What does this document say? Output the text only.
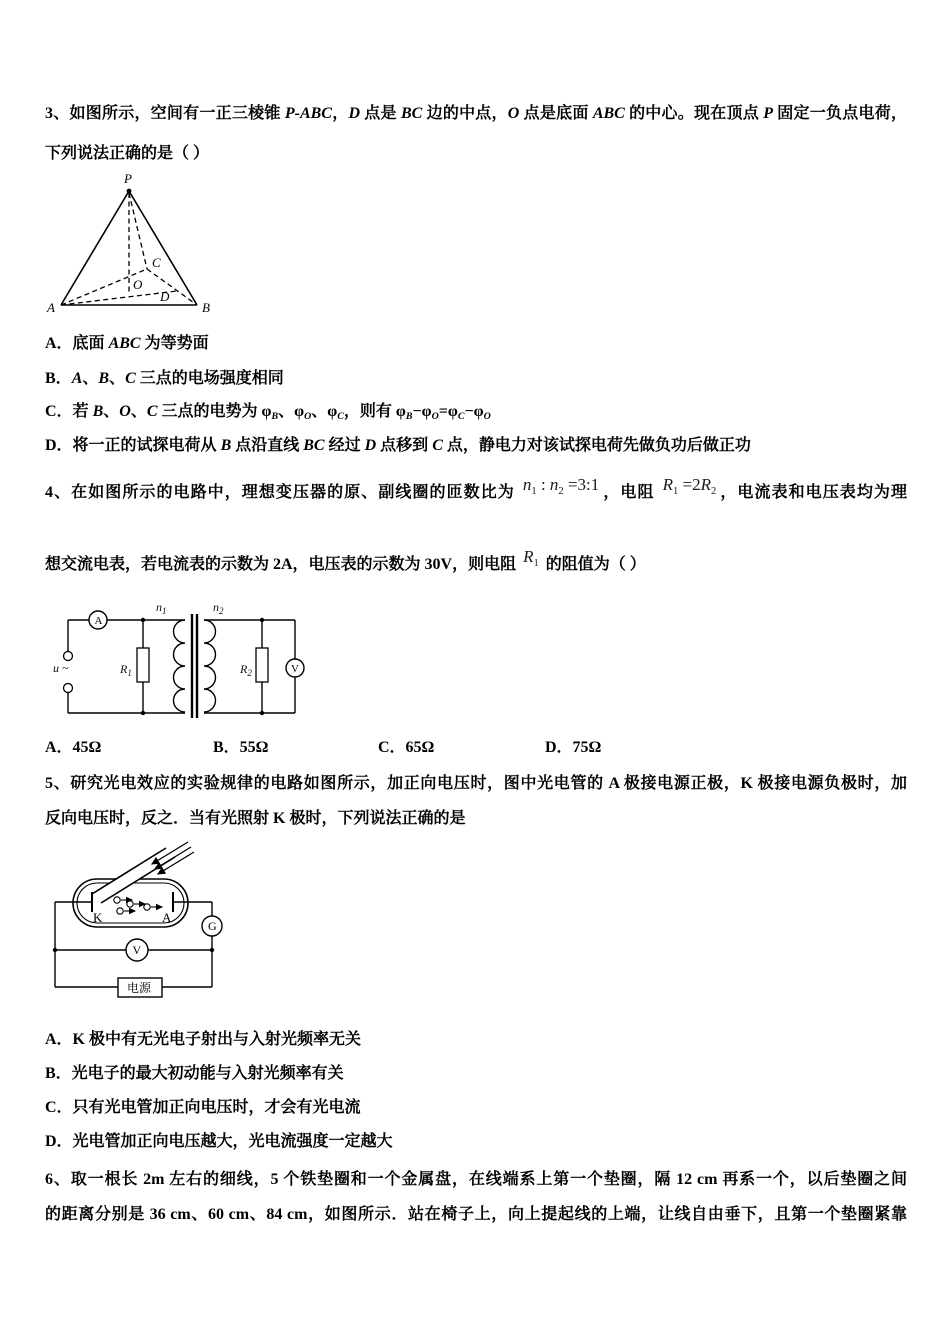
3、如图所示，空间有一正三棱锥 P-ABC，D 点是 BC 边的中点，O 点是底面 ABC 的中心。现在顶点 P 固定一负点电荷，
下列说法正确的是（ ）
P
A	B
C
O
D
A．底面 ABC 为等势面
B．A、B、C 三点的电场强度相同
C．若 B、O、C 三点的电势为 $\varphi_B$、$\varphi_O$、$\varphi_C$，则有 $\varphi_B-\varphi_O=\varphi_C-\varphi_O$
D．将一正的试探电荷从 B 点沿直线 BC 经过 D 点移到 C 点，静电力对该试探电荷先做负功后做正功
4、在如图所示的电路中，理想变压器的原、副线圈的匝数比为 $n_1$ : $n_2$ =3:1 ，电阻 $R_1 =2R_2$ ，电流表和电压表均为理
想交流电表，若电流表的示数为 2A，电压表的示数为 30V，则电阻 $R_1$ 的阻值为（ ）
A
V
u ~
$n_1$	$n_2$
$R_1$	$R_2$
A．45Ω	B．55Ω	C．65Ω	D．75Ω
5、研究光电效应的实验规律的电路如图所示，加正向电压时，图中光电管的 A 极接电源正极，K 极接电源负极时，加
反向电压时，反之．当有光照射 K 极时，下列说法正确的是
K	A
G
V
电源
A．K 极中有无光电子射出与入射光频率无关
B．光电子的最大初动能与入射光频率有关
C．只有光电管加正向电压时，才会有光电流
D．光电管加正向电压越大，光电流强度一定越大
6、取一根长 2m 左右的细线，5 个铁垫圈和一个金属盘，在线端系上第一个垫圈，隔 12 cm 再系一个，以后垫圈之间
的距离分别是 36 cm、60 cm、84 cm，如图所示．站在椅子上，向上提起线的上端，让线自由垂下，且第一个垫圈紧靠
